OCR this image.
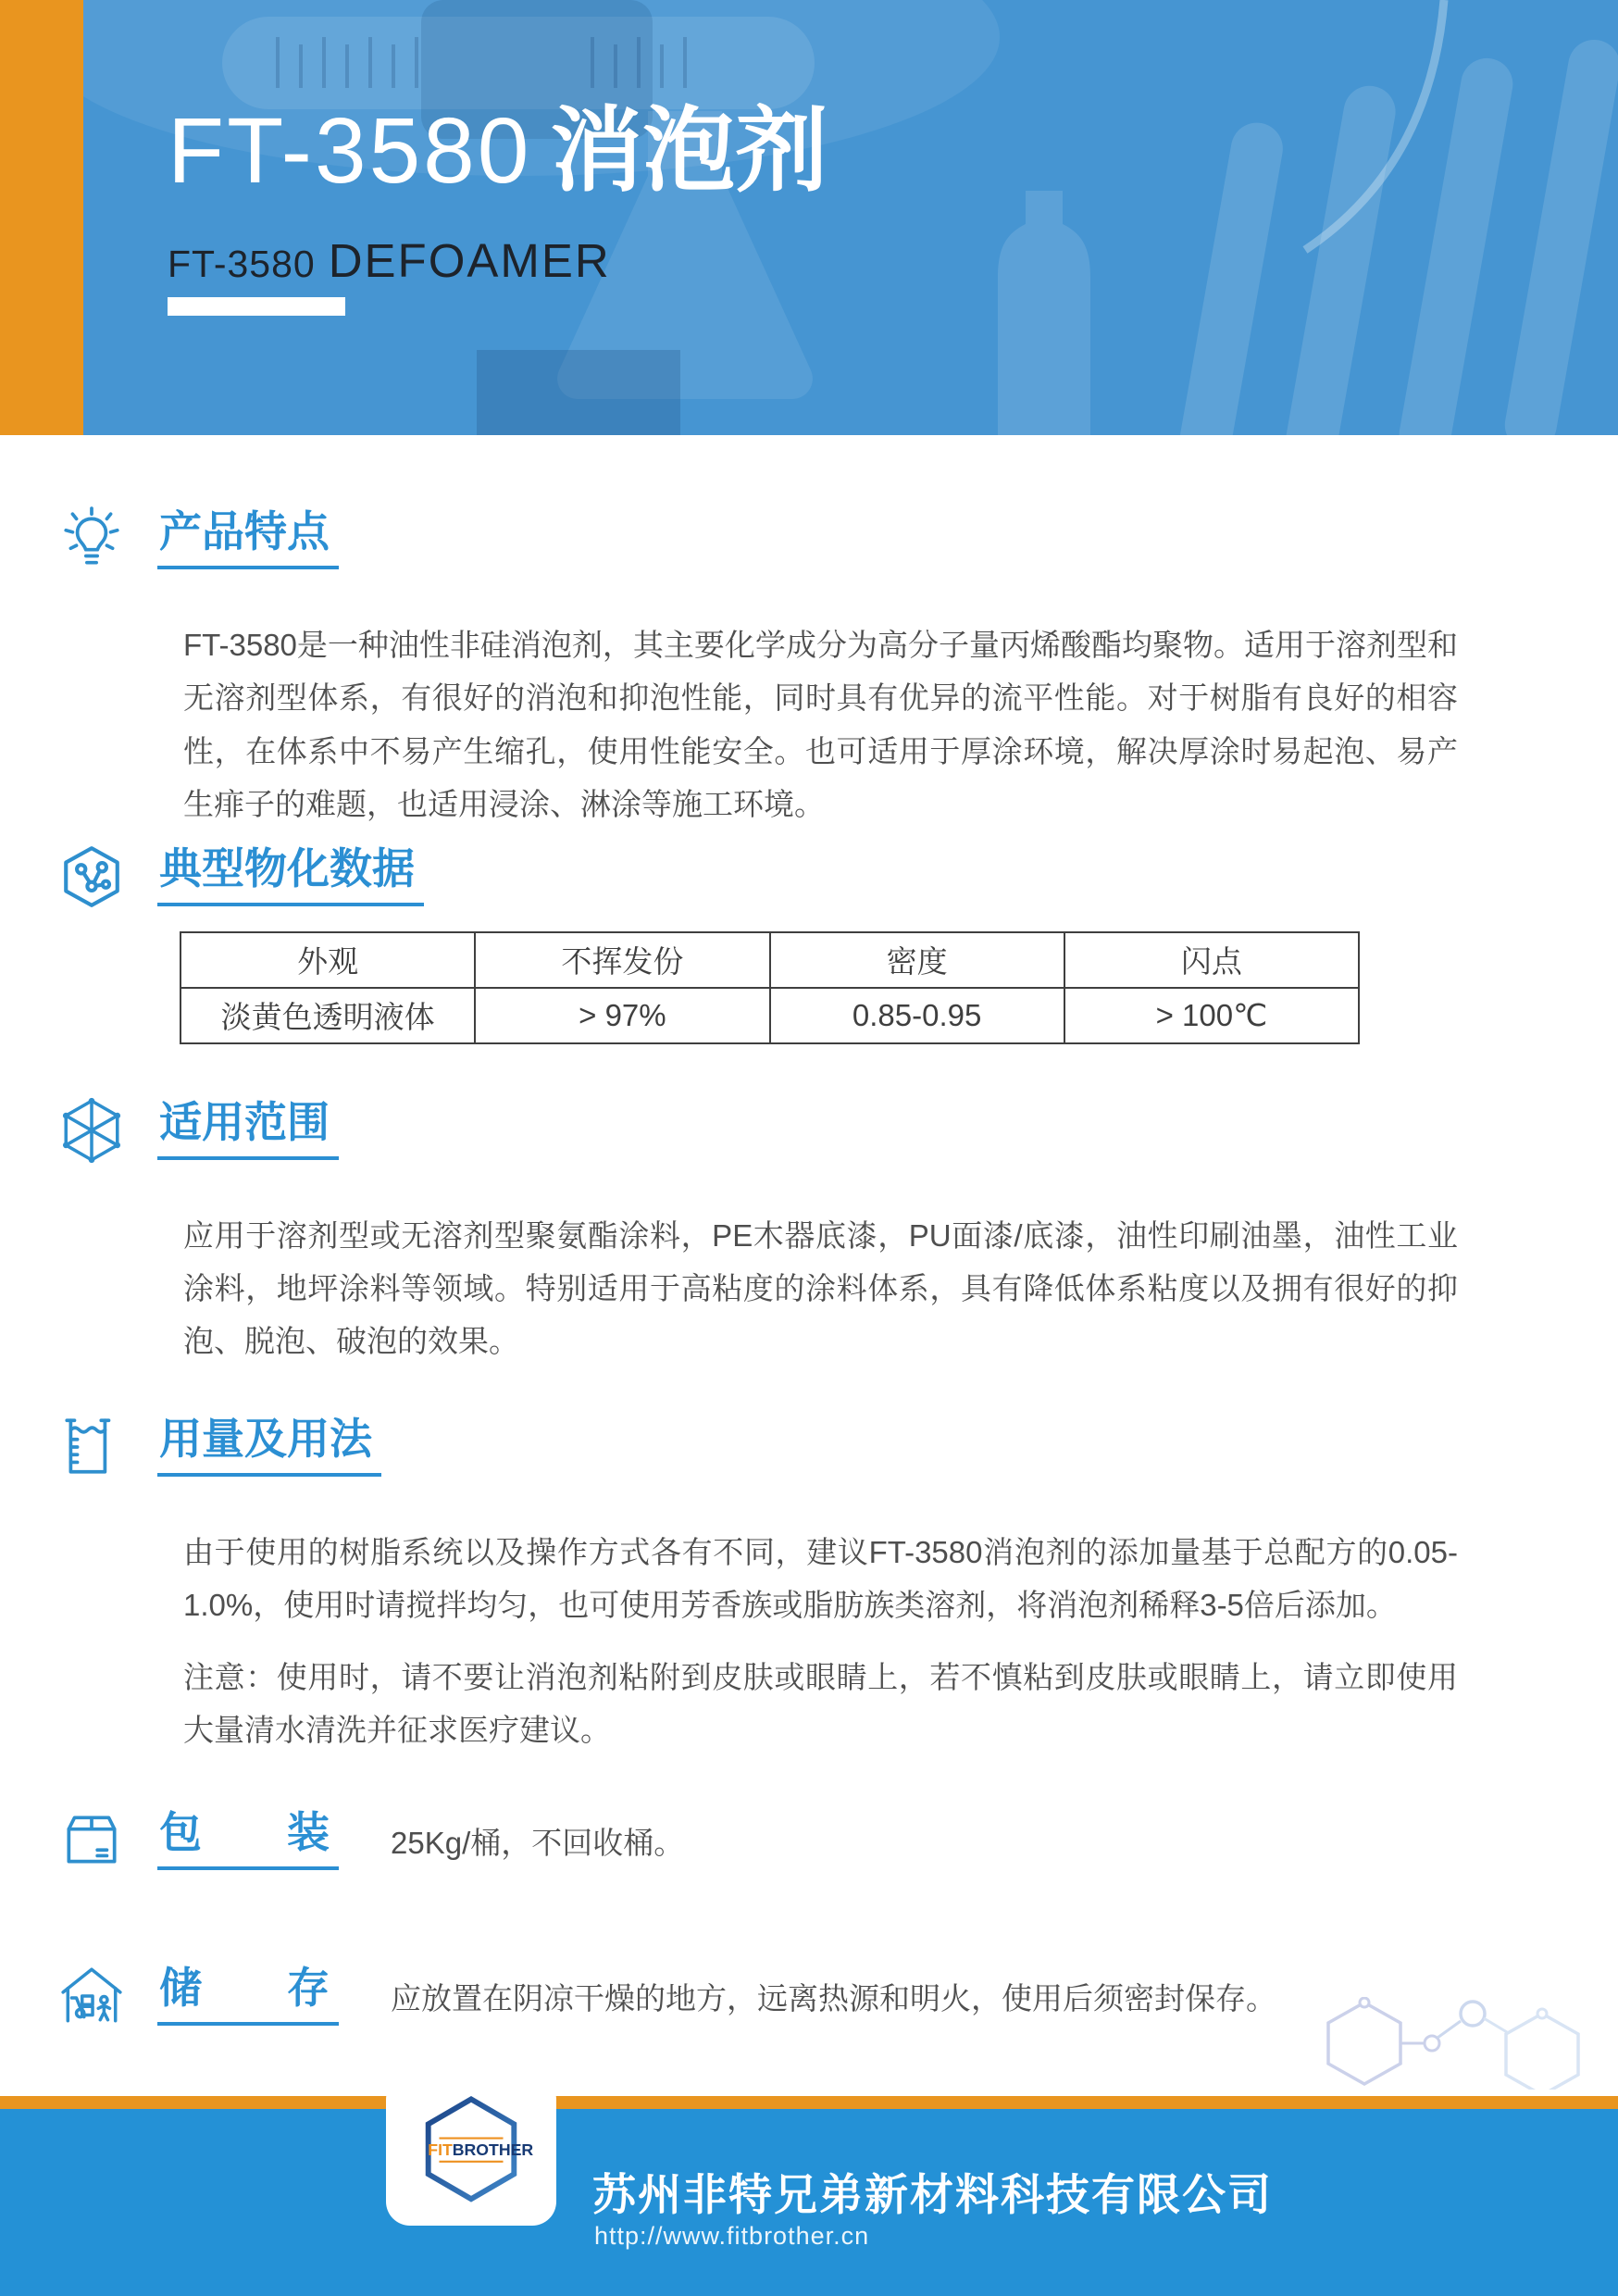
FT-3580 消泡剂
FT-3580 DEFOAMER
产品特点

FT-3580是一种油性非硅消泡剂，其主要化学成分为高分子量丙烯酸酯均聚物。适用于溶剂型和无溶剂型体系，有很好的消泡和抑泡性能，同时具有优异的流平性能。对于树脂有良好的相容性，在体系中不易产生缩孔，使用性能安全。也可适用于厚涂环境，解决厚涂时易起泡、易产生痱子的难题，也适用浸涂、淋涂等施工环境。

典型物化数据
外观	不挥发份	密度	闪点
淡黄色透明液体	> 97%	0.85-0.95	> 100℃
适用范围

应用于溶剂型或无溶剂型聚氨酯涂料，PE木器底漆，PU面漆/底漆，油性印刷油墨，油性工业涂料，地坪涂料等领域。特别适用于高粘度的涂料体系，具有降低体系粘度以及拥有很好的抑泡、脱泡、破泡的效果。

用量及用法

由于使用的树脂系统以及操作方式各有不同，建议FT-3580消泡剂的添加量基于总配方的0.05-1.0%，使用时请搅拌均匀，也可使用芳香族或脂肪族类溶剂，将消泡剂稀释3-5倍后添加。

注意：使用时，请不要让消泡剂粘附到皮肤或眼睛上，若不慎粘到皮肤或眼睛上，请立即使用大量清水清洗并征求医疗建议。

包　　装	25Kg/桶，不回收桶。
储　　存	应放置在阴凉干燥的地方，远离热源和明火，使用后须密封保存。
FIT BROTHER
苏州非特兄弟新材料科技有限公司
http://www.fitbrother.cn
